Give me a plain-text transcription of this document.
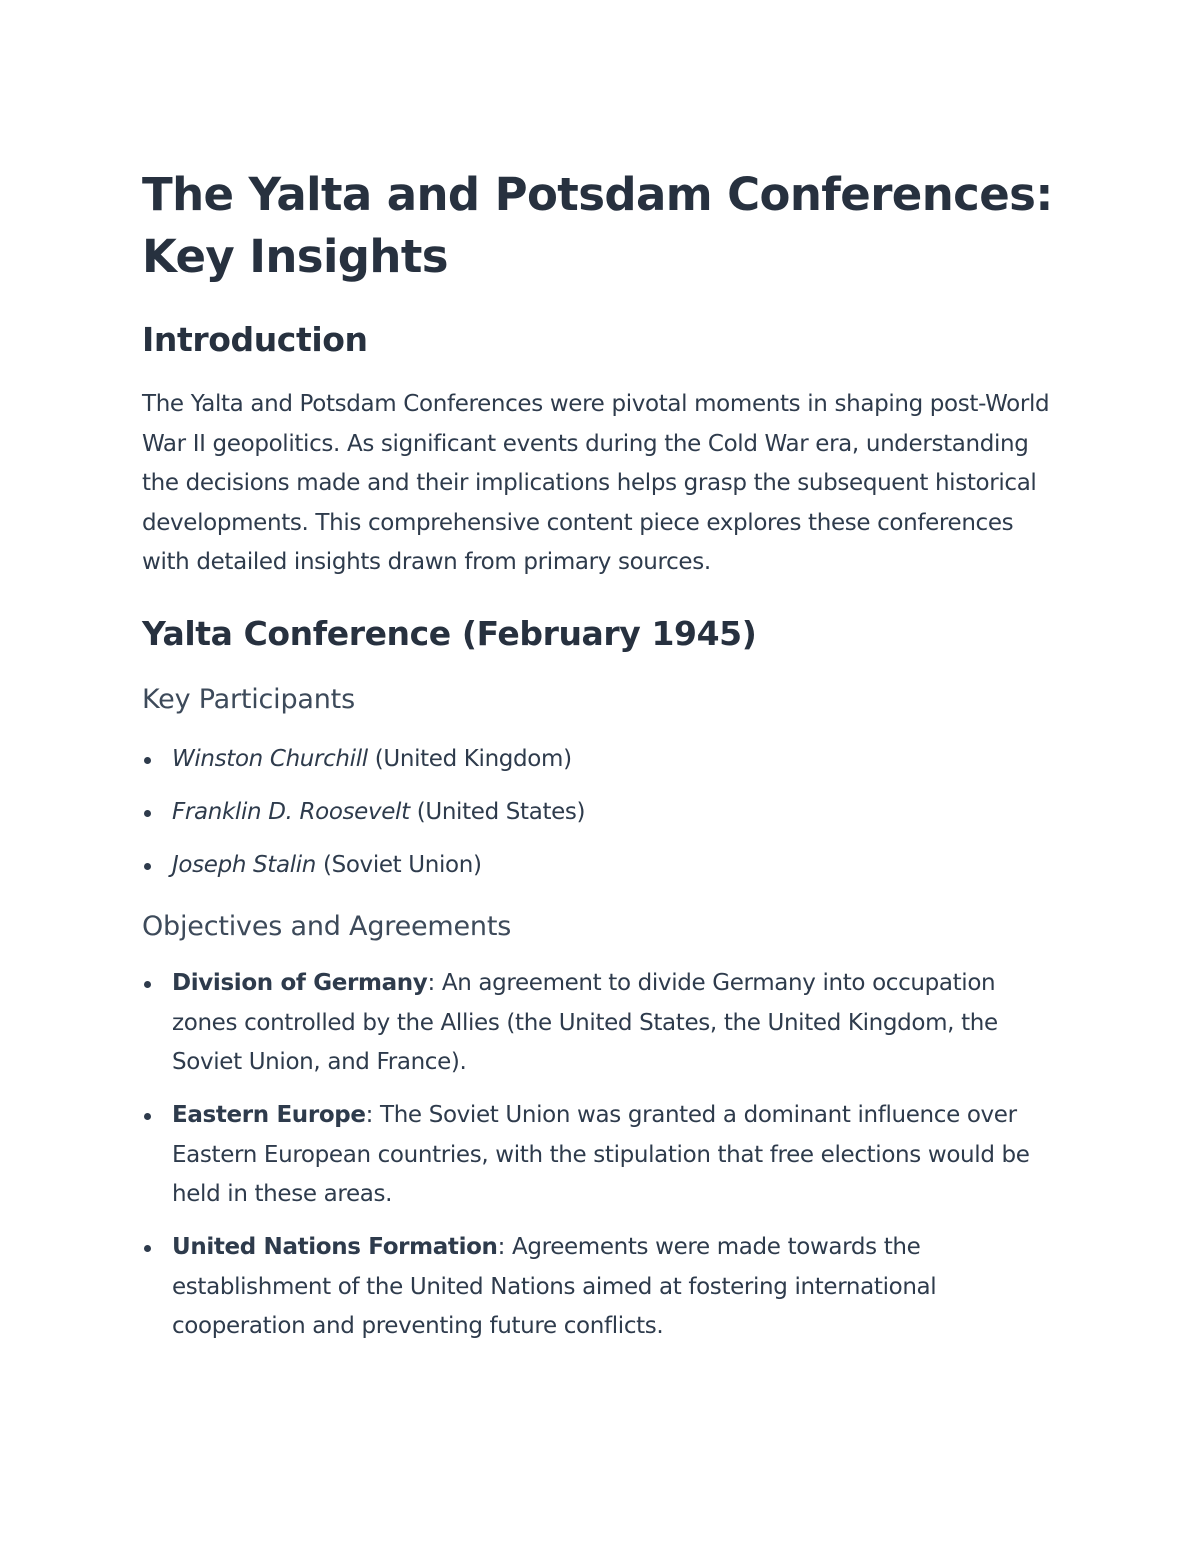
The Yalta and Potsdam Conferences: Key Insights
Introduction

The Yalta and Potsdam Conferences were pivotal moments in shaping post-World War II geopolitics. As significant events during the Cold War era, understanding the decisions made and their implications helps grasp the subsequent historical developments. This comprehensive content piece explores these conferences with detailed insights drawn from primary sources.

Yalta Conference (February 1945)
Key Participants
Winston Churchill (United Kingdom)
Franklin D. Roosevelt (United States)
Joseph Stalin (Soviet Union)
Objectives and Agreements
Division of Germany: An agreement to divide Germany into occupation zones controlled by the Allies (the United States, the United Kingdom, the Soviet Union, and France).
Eastern Europe: The Soviet Union was granted a dominant influence over Eastern European countries, with the stipulation that free elections would be held in these areas.
United Nations Formation: Agreements were made towards the establishment of the United Nations aimed at fostering international cooperation and preventing future conflicts.
